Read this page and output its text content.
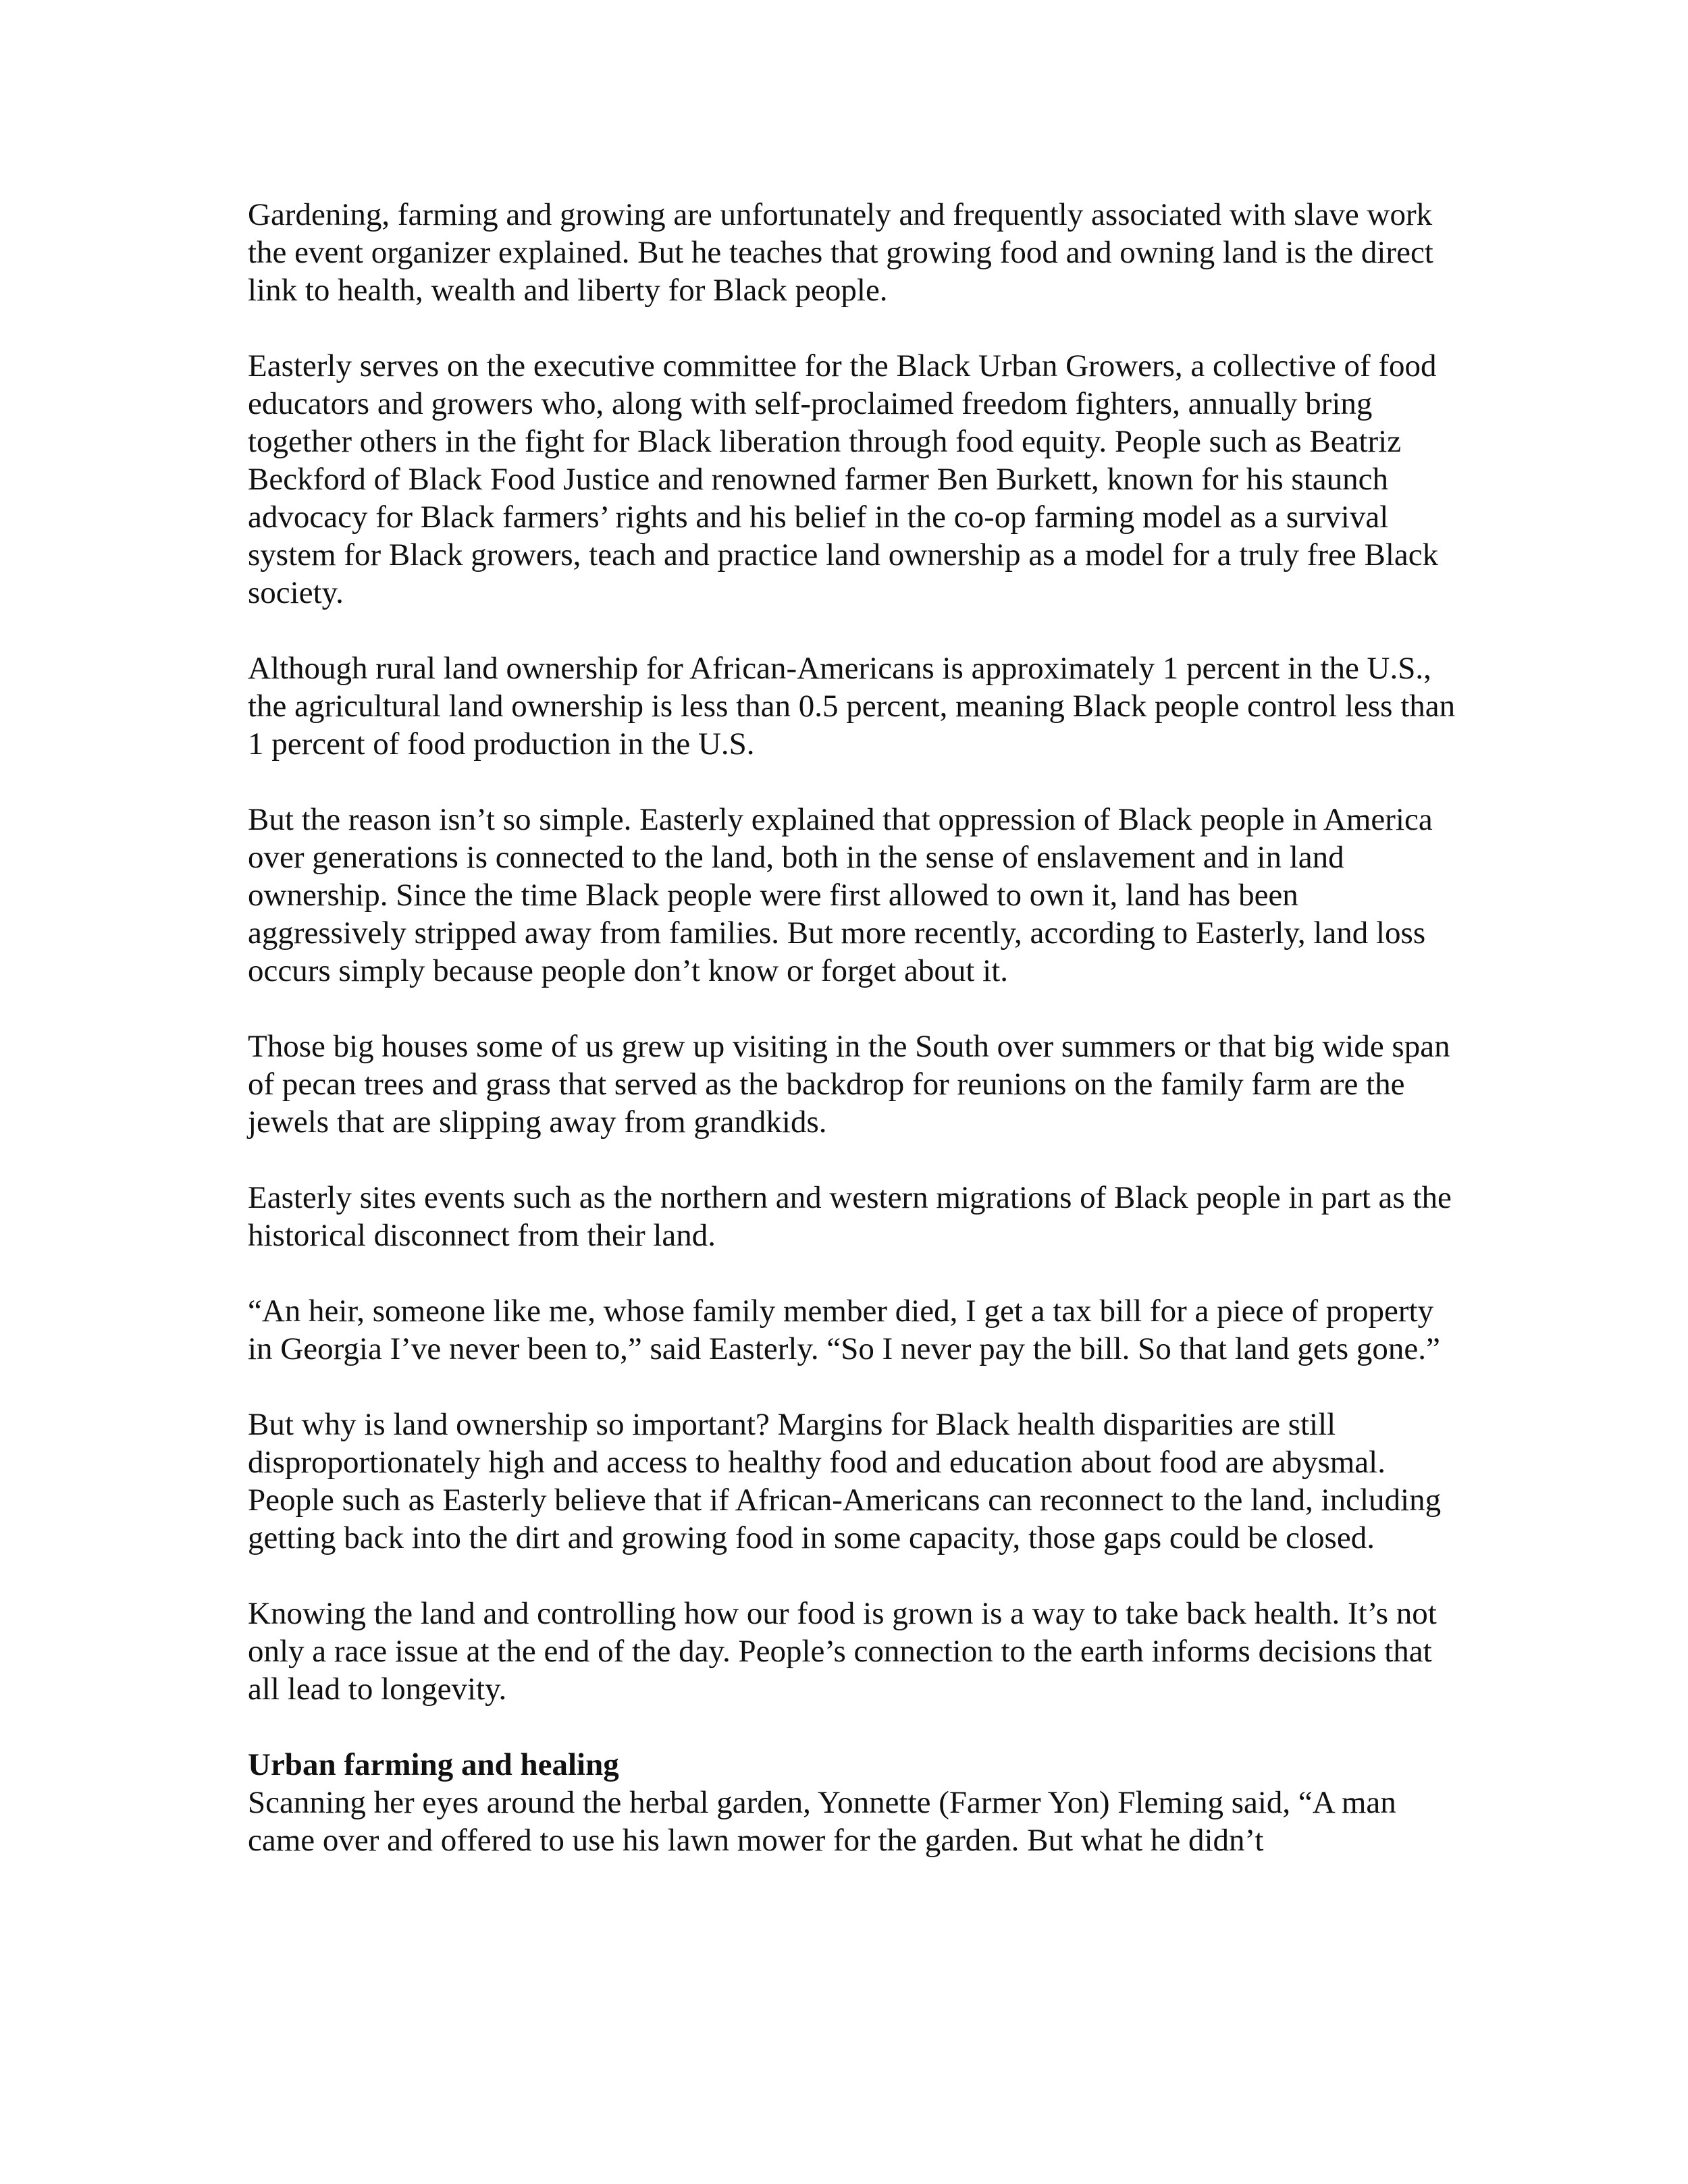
Gardening, farming and growing are unfortunately and frequently associated with slave work the event organizer explained. But he teaches that growing food and owning land is the direct link to health, wealth and liberty for Black people.

Easterly serves on the executive committee for the Black Urban Growers, a collective of food educators and growers who, along with self-proclaimed freedom fighters, annually bring together others in the fight for Black liberation through food equity. People such as Beatriz Beckford of Black Food Justice and renowned farmer Ben Burkett, known for his staunch advocacy for Black farmers’ rights and his belief in the co-op farming model as a survival system for Black growers, teach and practice land ownership as a model for a truly free Black society.

Although rural land ownership for African-Americans is approximately 1 percent in the U.S., the agricultural land ownership is less than 0.5 percent, meaning Black people control less than 1 percent of food production in the U.S.

But the reason isn’t so simple. Easterly explained that oppression of Black people in America over generations is connected to the land, both in the sense of enslavement and in land ownership. Since the time Black people were first allowed to own it, land has been aggressively stripped away from families. But more recently, according to Easterly, land loss occurs simply because people don’t know or forget about it.

Those big houses some of us grew up visiting in the South over summers or that big wide span of pecan trees and grass that served as the backdrop for reunions on the family farm are the jewels that are slipping away from grandkids.

Easterly sites events such as the northern and western migrations of Black people in part as the historical disconnect from their land.

“An heir, someone like me, whose family member died, I get a tax bill for a piece of property in Georgia I’ve never been to,” said Easterly. “So I never pay the bill. So that land gets gone.”

But why is land ownership so important? Margins for Black health disparities are still disproportionately high and access to healthy food and education about food are abysmal. People such as Easterly believe that if African-Americans can reconnect to the land, including getting back into the dirt and growing food in some capacity, those gaps could be closed.

Knowing the land and controlling how our food is grown is a way to take back health. It’s not only a race issue at the end of the day. People’s connection to the earth informs decisions that all lead to longevity.

Urban farming and healing

Scanning her eyes around the herbal garden, Yonnette (Farmer Yon) Fleming said, “A man came over and offered to use his lawn mower for the garden. But what he didn’t
